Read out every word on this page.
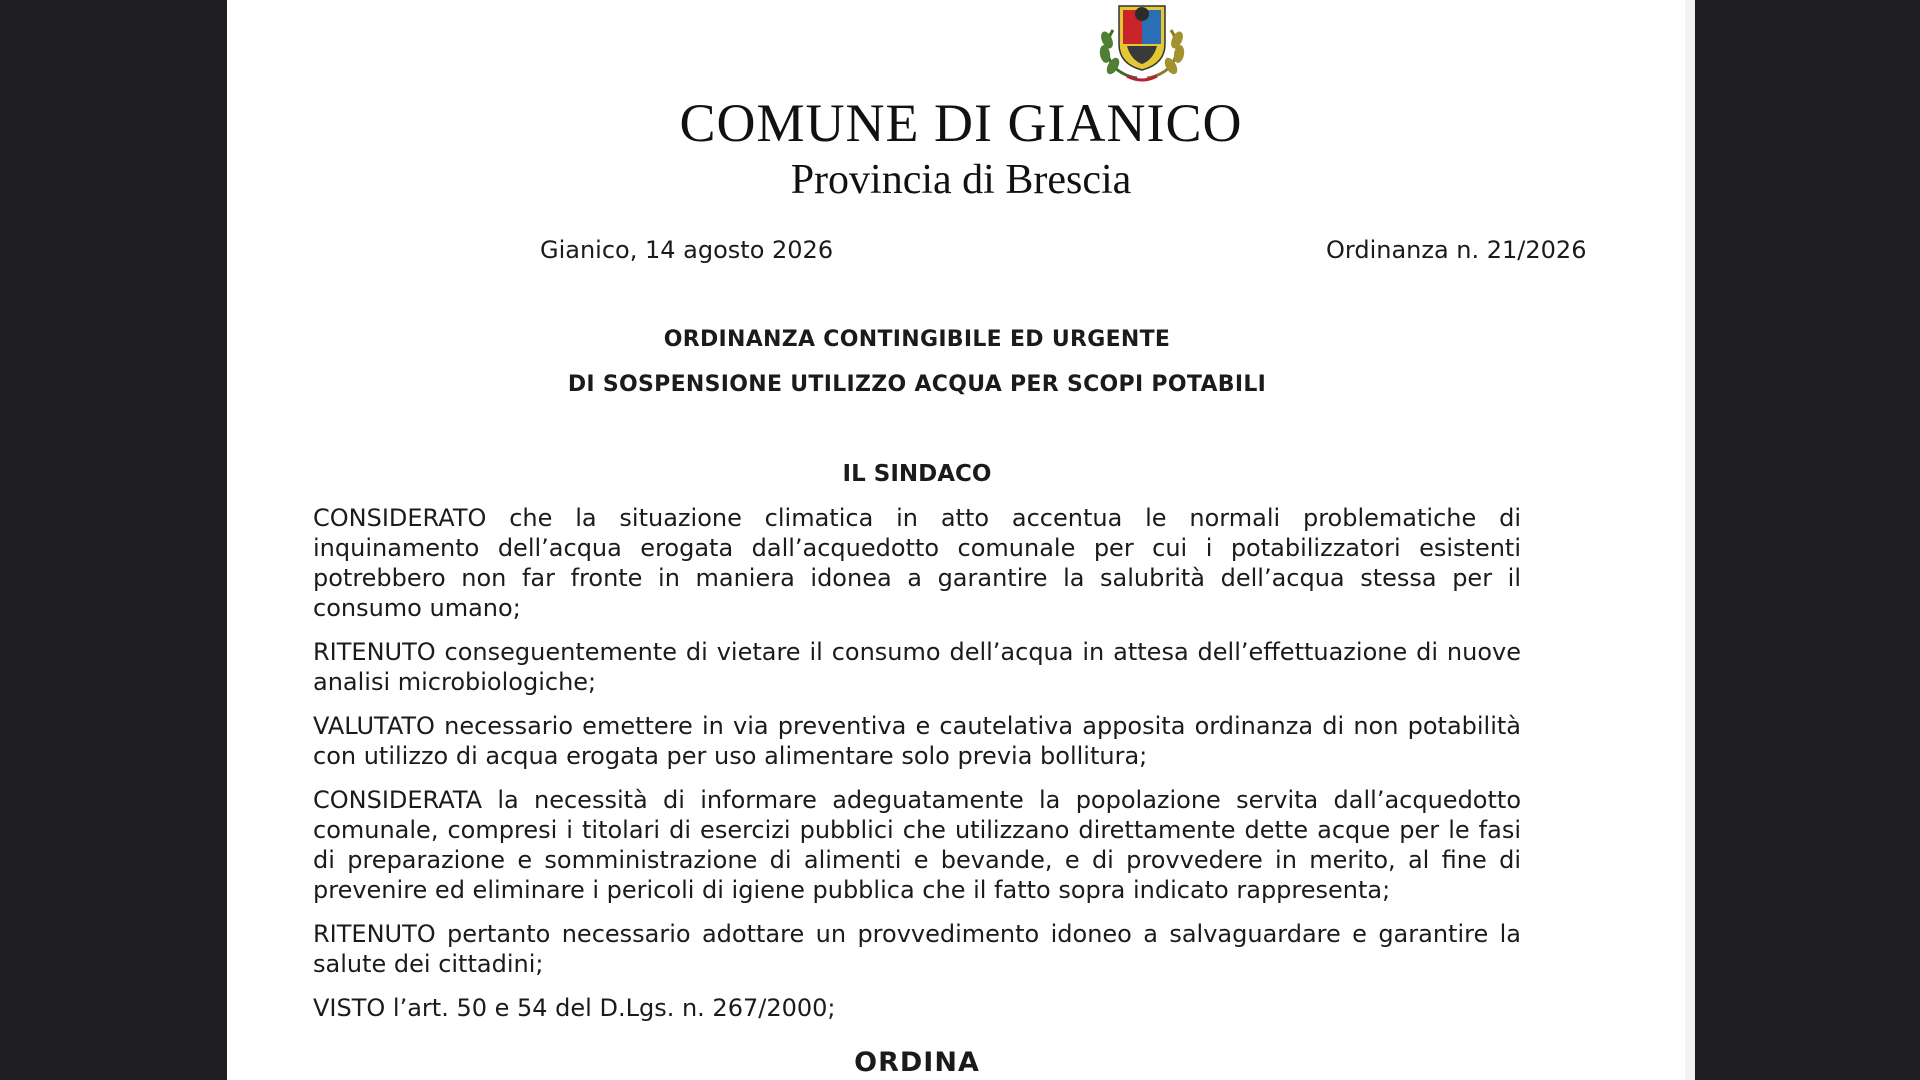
COMUNE DI GIANICO
Provincia di Brescia
Gianico, 14 agosto 2026	Ordinanza n. 21/2026
ORDINANZA CONTINGIBILE ED URGENTE
DI SOSPENSIONE UTILIZZO ACQUA PER SCOPI POTABILI
IL SINDACO

CONSIDERATO che la situazione climatica in atto accentua le normali problematiche di inquinamento dell’acqua erogata dall’acquedotto comunale per cui i potabilizzatori esistenti potrebbero non far fronte in maniera idonea a garantire la salubrità dell’acqua stessa per il consumo umano;

RITENUTO conseguentemente di vietare il consumo dell’acqua in attesa dell’effettuazione di nuove analisi microbiologiche;

VALUTATO necessario emettere in via preventiva e cautelativa apposita ordinanza di non potabilità con utilizzo di acqua erogata per uso alimentare solo previa bollitura;

CONSIDERATA la necessità di informare adeguatamente la popolazione servita dall’acquedotto comunale, compresi i titolari di esercizi pubblici che utilizzano direttamente dette acque per le fasi di preparazione e somministrazione di alimenti e bevande, e di provvedere in merito, al fine di prevenire ed eliminare i pericoli di igiene pubblica che il fatto sopra indicato rappresenta;

RITENUTO pertanto necessario adottare un provvedimento idoneo a salvaguardare e garantire la salute dei cittadini;

VISTO l’art. 50 e 54 del D.Lgs. n. 267/2000;

ORDINA
